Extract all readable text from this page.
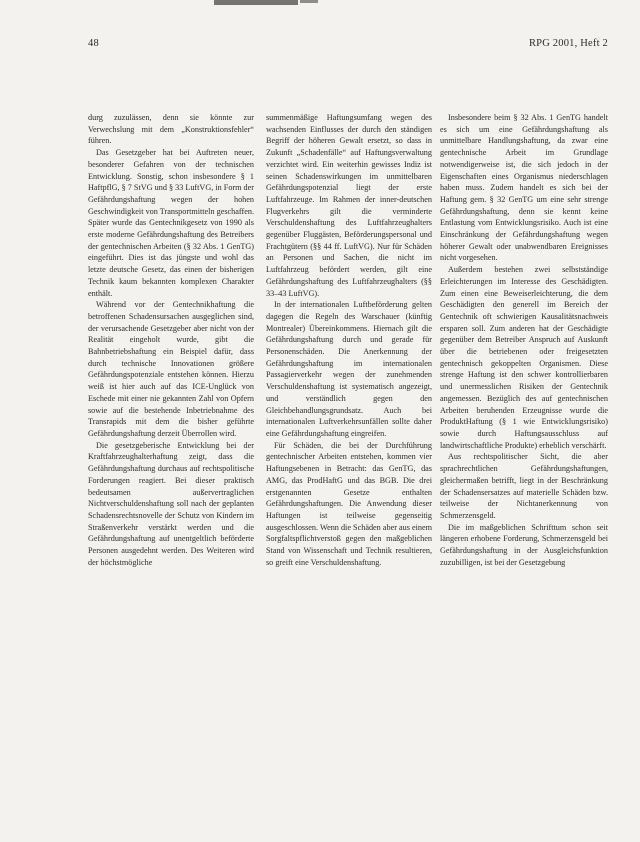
48	RPG 2001, Heft 2

durg zuzulässen, denn sie könnte zur Verwechslung mit dem „Konstruktionsfehler“ führen.

Das Gesetzgeber hat bei Auftreten neuer, besonderer Gefahren von der technischen Entwicklung. Sonstig, schon insbesondere § 1 HaftpflG, § 7 StVG und § 33 LuftVG, in Form der Gefährdungshaftung wegen der hohen Geschwindigkeit von Transportmitteln geschaffen. Später wurde das Gentechnikgesetz von 1990 als erste moderne Gefährdungshaftung des Betreibers der gentechnischen Arbeiten (§ 32 Abs. 1 GenTG) eingeführt. Dies ist das jüngste und wohl das letzte deutsche Gesetz, das einen der bisherigen Technik kaum bekannten komplexen Charakter enthält.

Während vor der Gentechnikhaftung die betroffenen Schadensursachen ausgeglichen sind, der verursachende Gesetzgeber aber nicht von der Realität eingeholt wurde, gibt die Bahnbetriebshaftung ein Beispiel dafür, dass durch technische Innovationen größere Gefährdungspotenziale entstehen können. Hierzu weiß ist hier auch auf das ICE-Unglück von Eschede mit einer nie gekannten Zahl von Opfern sowie auf die bestehende Inbetriebnahme des Transrapids mit dem die bisher geführte Gefährdungshaftung derzeit Überrollen wird.

Die gesetzgeberische Entwicklung bei der Kraftfahrzeughalterhaftung zeigt, dass die Gefährdungshaftung durchaus auf rechtspolitische Forderungen reagiert. Bei dieser praktisch bedeutsamen außervertraglichen Nichtverschuldenshaftung soll nach der geplanten Schadensrechtsnovelle der Schutz von Kindern im Straßenverkehr verstärkt werden und die Gefährdungshaftung auf unentgeltlich beförderte Personen ausgedehnt werden. Des Weiteren wird der höchstmögliche

summenmäßige Haftungsumfang wegen des wachsenden Einflusses der durch den ständigen Begriff der höheren Gewalt ersetzt, so dass in Zukunft „Schadenfälle“ auf Haftungsverwaltung verzichtet wird. Ein weiterhin gewisses Indiz ist seinen Schadenswirkungen im unmittelbaren Gefährdungspotenzial liegt der erste Luftfahrzeuge. Im Rahmen der inner-deutschen Flugverkehrs gilt die verminderte Verschuldenshaftung des Luftfahrzeughalters gegenüber Fluggästen, Beförderungspersonal und Frachtgütern (§§ 44 ff. LuftVG). Nur für Schäden an Personen und Sachen, die nicht im Luftfahrzeug befördert werden, gilt eine Gefährdungshaftung des Luftfahrzeughalters (§§ 33–43 LuftVG).

In der internationalen Luftbeförderung gelten dagegen die Regeln des Warschauer (künftig Montrealer) Übereinkommens. Hiernach gilt die Gefährdungshaftung durch und gerade für Personenschäden. Die Anerkennung der Gefährdungshaftung im internationalen Passagierverkehr wegen der zunehmenden Verschuldenshaftung ist systematisch angezeigt, und verständlich gegen den Gleichbehandlungsgrundsatz. Auch bei internationalen Luftverkehrsunfällen sollte daher eine Gefährdungshaftung eingreifen.

Für Schäden, die bei der Durchführung gentechnischer Arbeiten entstehen, kommen vier Haftungsebenen in Betracht: das GenTG, das AMG, das ProdHaftG und das BGB. Die drei erstgenannten Gesetze enthalten Gefährdungshaftungen. Die Anwendung dieser Haftungen ist teilweise gegenseitig ausgeschlossen. Wenn die Schäden aber aus einem Sorgfaltspflichtverstoß gegen den maßgeblichen Stand von Wissenschaft und Technik resultieren, so greift eine Verschuldenshaftung.

Insbesondere beim § 32 Abs. 1 GenTG handelt es sich um eine Gefährdungshaftung als unmittelbare Handlungshaftung, da zwar eine gentechnische Arbeit im Grundlage notwendigerweise ist, die sich jedoch in der Eigenschaften eines Organismus niederschlagen haben muss. Zudem handelt es sich bei der Haftung gem. § 32 GenTG um eine sehr strenge Gefährdungshaftung, denn sie kennt keine Entlastung vom Entwicklungsrisiko. Auch ist eine Einschränkung der Gefährdungshaftung wegen höherer Gewalt oder unabwendbaren Ereignisses nicht vorgesehen.

Außerdem bestehen zwei selbstständige Erleichterungen im Interesse des Geschädigten. Zum einen eine Beweiserleichterung, die dem Geschädigten den generell im Bereich der Gentechnik oft schwierigen Kausalitätsnachweis ersparen soll. Zum anderen hat der Geschädigte gegenüber dem Betreiber Anspruch auf Auskunft über die betriebenen oder freigesetzten gentechnisch gekoppelten Organismen. Diese strenge Haftung ist den schwer kontrollierbaren und unermesslichen Risiken der Gentechnik angemessen. Bezüglich des auf gentechnischen Arbeiten beruhenden Erzeugnisse wurde die ProduktHaftung (§ 1 wie Entwicklungsrisiko) sowie durch Haftungsausschluss auf landwirtschaftliche Produkte) erheblich verschärft.

Aus rechtspolitischer Sicht, die aber sprachrechtlichen Gefährdungshaftungen, gleichermaßen betrifft, liegt in der Beschränkung der Schadensersatzes auf materielle Schäden bzw. teilweise der Nichtanerkennung von Schmerzensgeld.

Die im maßgeblichen Schrifttum schon seit längeren erhobene Forderung, Schmerzensgeld bei Gefährdungshaftung in der Ausgleichsfunktion zuzubilligen, ist bei der Gesetzgebung
